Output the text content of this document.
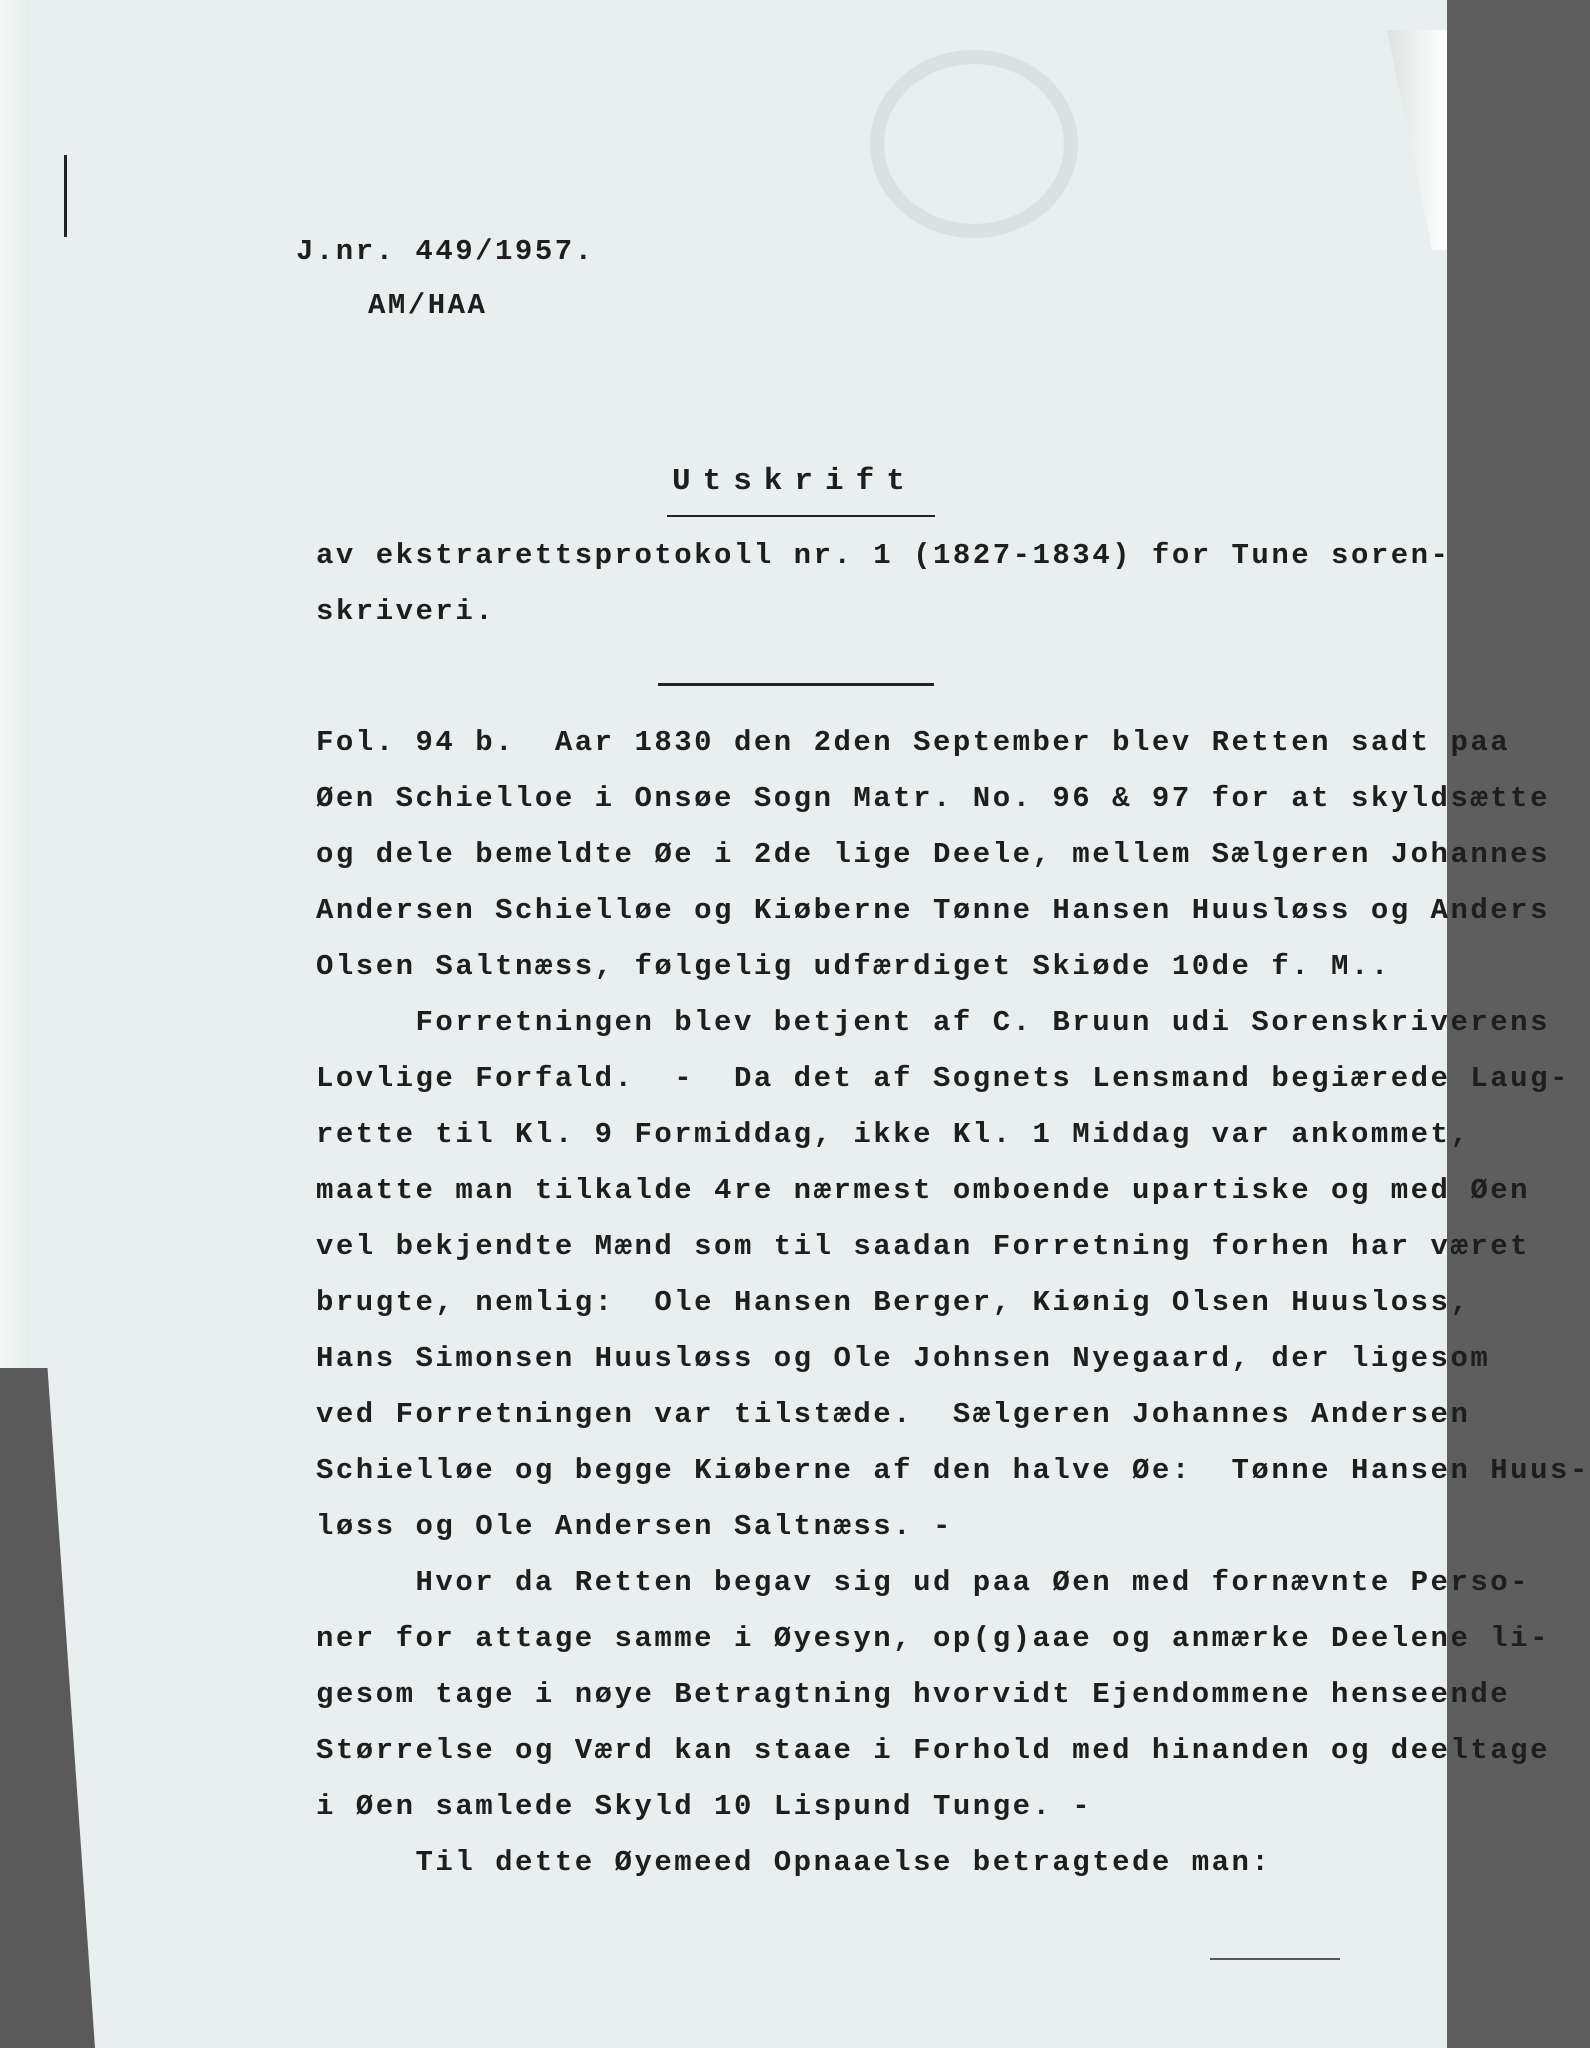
J.nr. 449/1957.
AM/HAA
Utskrift
av ekstrarettsprotokoll nr. 1 (1827-1834) for Tune soren-
skriveri.
Fol. 94 b.  Aar 1830 den 2den September blev Retten sadt paa
Øen Schielloe i Onsøe Sogn Matr. No. 96 & 97 for at skyldsætte
og dele bemeldte Øe i 2de lige Deele, mellem Sælgeren Johannes
Andersen Schielløe og Kiøberne Tønne Hansen Huusløss og Anders
Olsen Saltnæss, følgelig udfærdiget Skiøde 10de f. M..
Forretningen blev betjent af C. Bruun udi Sorenskriverens
Lovlige Forfald.  -  Da det af Sognets Lensmand begiærede Laug-
rette til Kl. 9 Formiddag, ikke Kl. 1 Middag var ankommet,
maatte man tilkalde 4re nærmest omboende upartiske og med Øen
vel bekjendte Mænd som til saadan Forretning forhen har været
brugte, nemlig:  Ole Hansen Berger, Kiønig Olsen Huusloss,
Hans Simonsen Huusløss og Ole Johnsen Nyegaard, der ligesom
ved Forretningen var tilstæde.  Sælgeren Johannes Andersen
Schielløe og begge Kiøberne af den halve Øe:  Tønne Hansen Huus-
løss og Ole Andersen Saltnæss. -
Hvor da Retten begav sig ud paa Øen med fornævnte Perso-
ner for attage samme i Øyesyn, op(g)aae og anmærke Deelene li-
gesom tage i nøye Betragtning hvorvidt Ejendommene henseende
Størrelse og Værd kan staae i Forhold med hinanden og deeltage
i Øen samlede Skyld 10 Lispund Tunge. -
Til dette Øyemeed Opnaaelse betragtede man:
